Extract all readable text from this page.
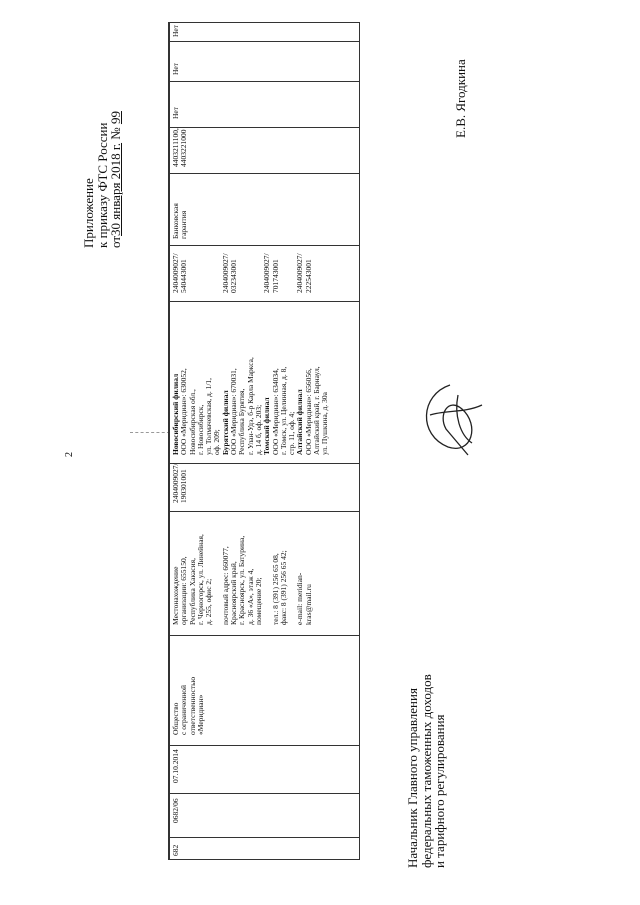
2
Приложение
к приказу ФТС России
от30 января 2018 г. № 99
682
0682/06
07.10.2014
Общество с ограниченной ответственностью «Меридиан»
Местонахождение организации: 655150, Республика Хакасия, г. Черногорск, ул. Линейная, д. 255, офис 2;
почтовый адрес: 660077, Красноярский край, г. Красноярск, ул. Батурина, д. 36 «А», этаж 4, помещение 20;
тел.: 8 (391) 256 65 08, факс: 8 (391) 256 65 42;
e-mail: meridian- kras@mail.ru
2404009027/ 190301001
Новосибирский филиал ООО «Меридиан»: 630052, Новосибирская обл., г. Новосибирск, ул. Толмачевская, д. 1/1, оф. 209; Бурятский филиал ООО «Меридиан»: 670031, Республика Бурятия, г. Улан-Удэ, б-р Карла Маркса, д. 14 б, оф. 203; Томский филиал ООО «Меридиан»: 634034, г. Томск, ул. Целинная, д. 8, стр. 11, оф. 4; Алтайский филиал ООО «Меридиан»: 656056, Алтайский край, г. Барнаул, ул. Пушкина, д. 30а
2404009027/ 540443001

	2404009027/ 032343001

	2404009027/ 701743001

2404009027/ 222543001
Банковская гарантия
4403211100, 4403221000
Нет
Нет
Нет
Начальник Главного управления
федеральных таможенных доходов
и тарифного регулирования
Е.В. Ягодкина
